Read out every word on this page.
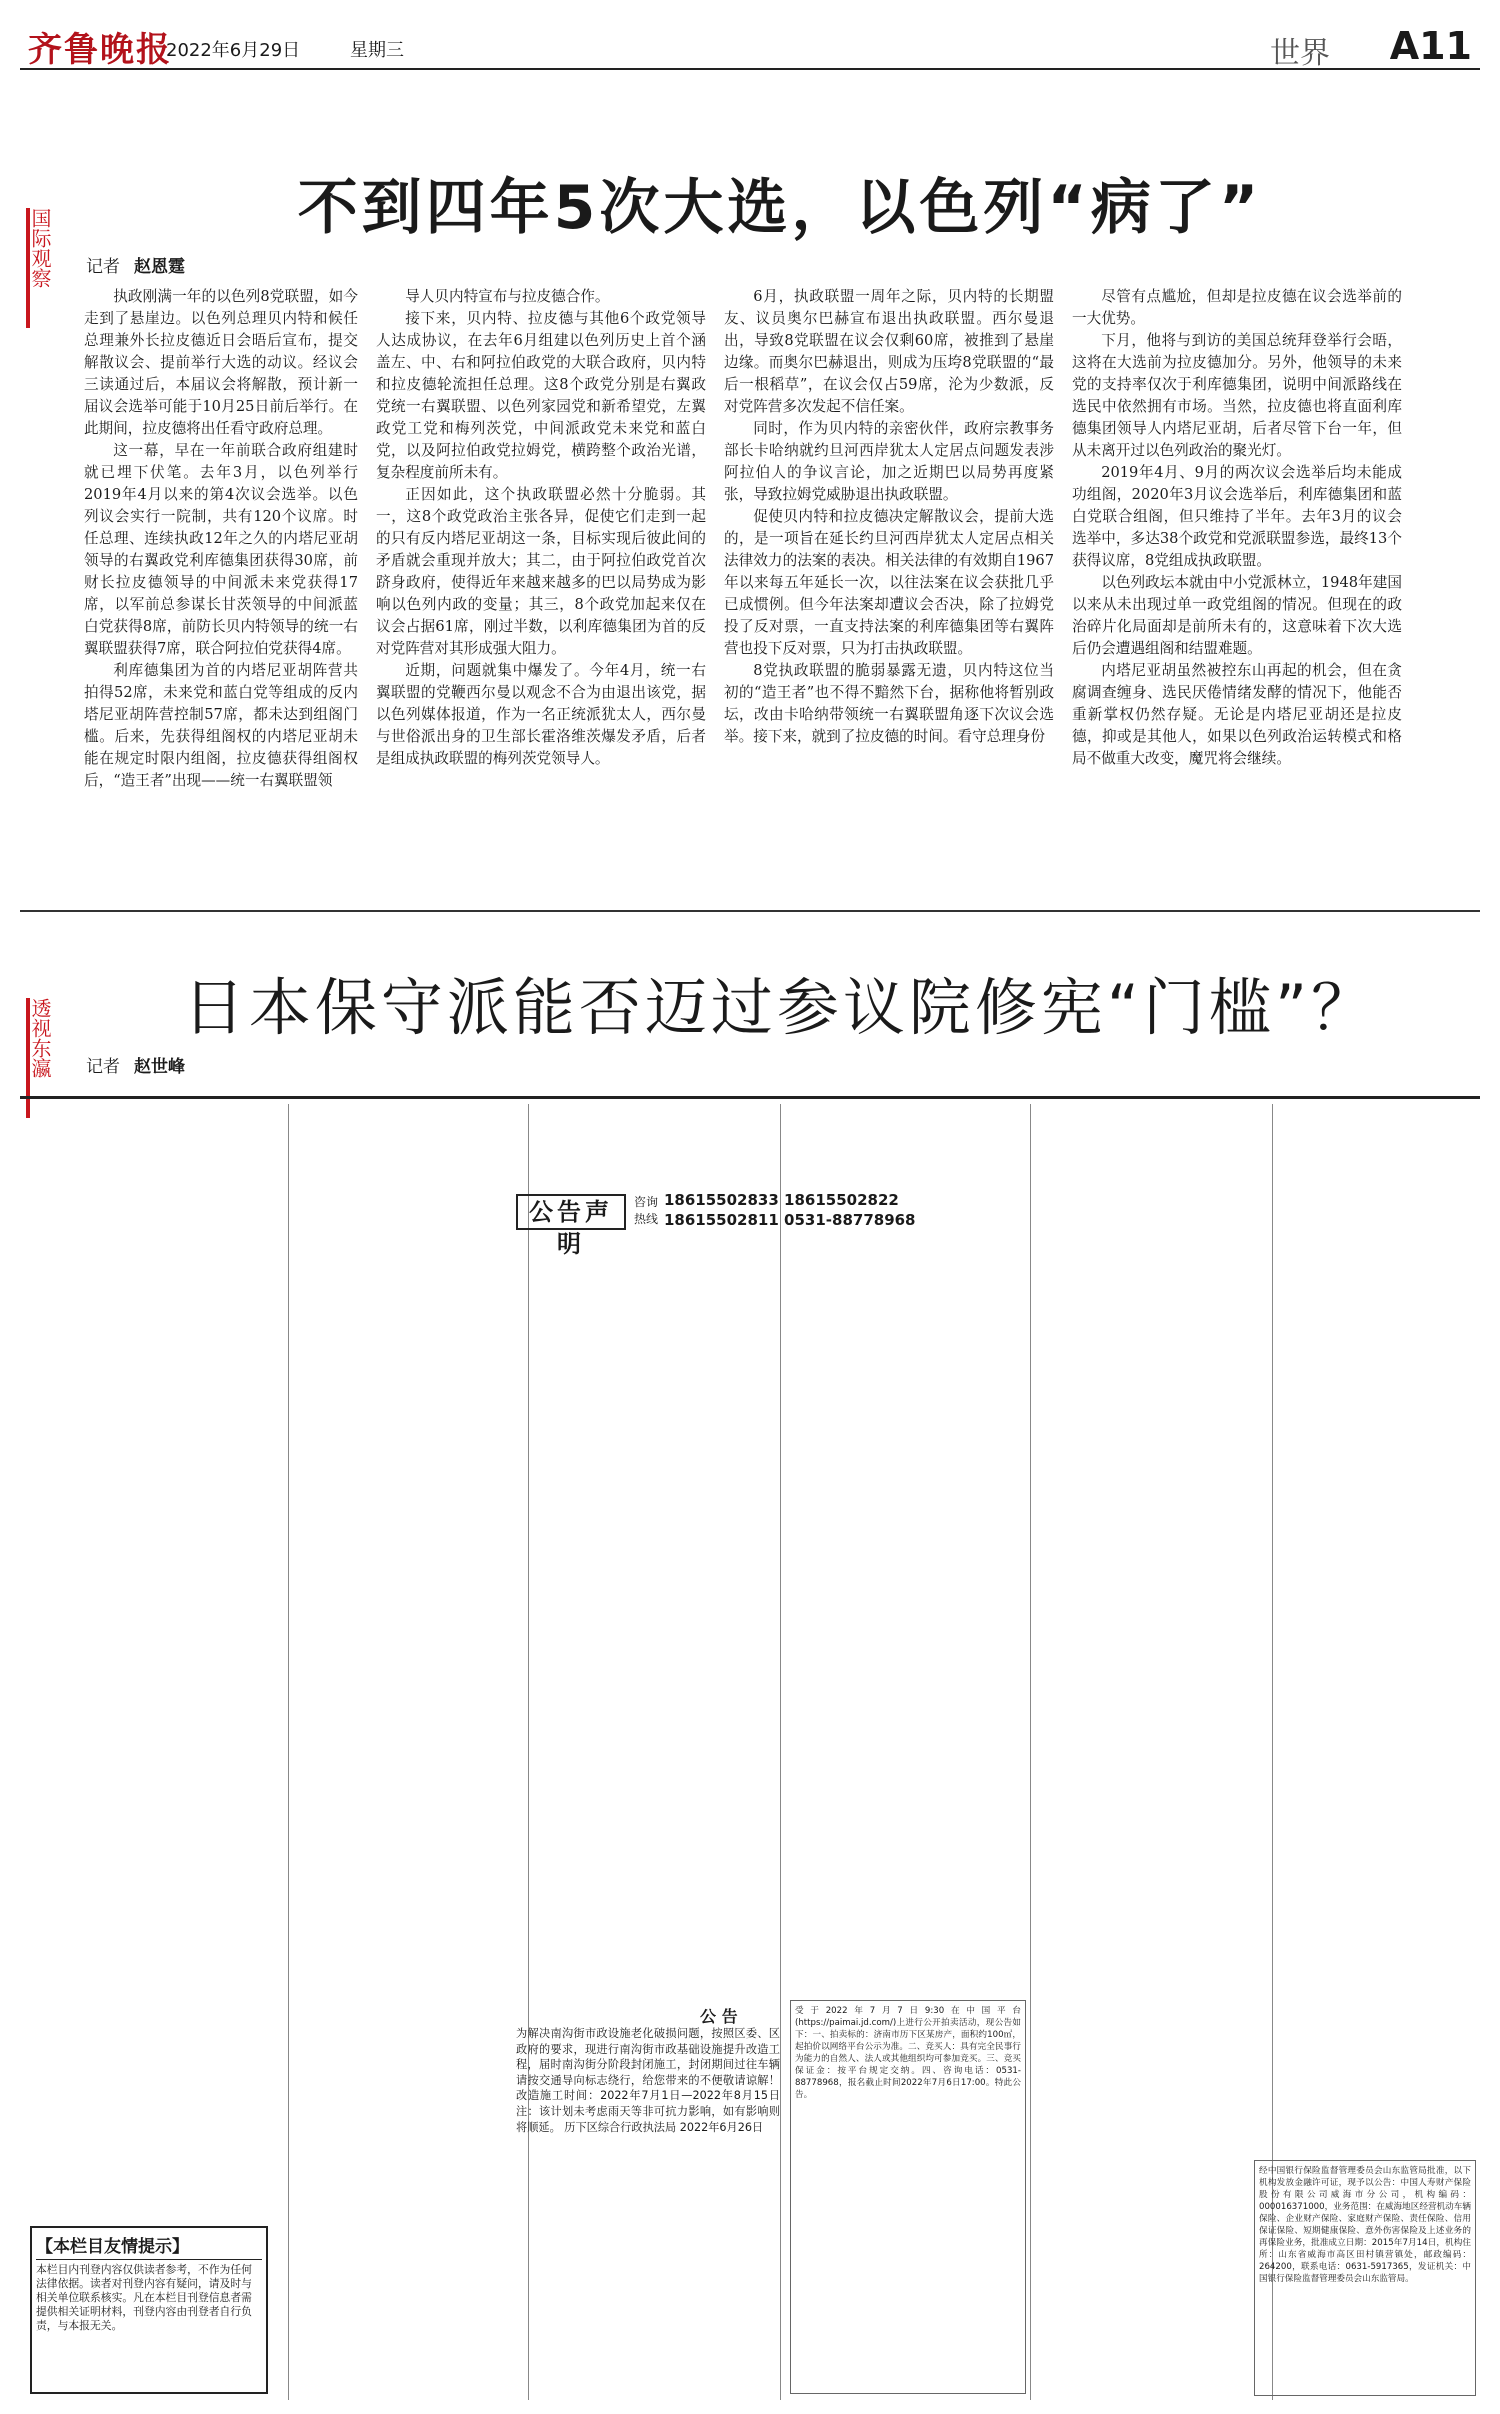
齐鲁晚报
2022年6月29日	星期三	世界 A11
国际观察	不到四年5次大选，以色列“病了”
记者 赵恩霆

执政刚满一年的以色列8党联盟，如今走到了悬崖边。以色列总理贝内特和候任总理兼外长拉皮德近日会晤后宣布，提交解散议会、提前举行大选的动议。经议会三读通过后，本届议会将解散，预计新一届议会选举可能于10月25日前后举行。在此期间，拉皮德将出任看守政府总理。

这一幕，早在一年前联合政府组建时就已埋下伏笔。去年3月，以色列举行2019年4月以来的第4次议会选举。以色列议会实行一院制，共有120个议席。时任总理、连续执政12年之久的内塔尼亚胡领导的右翼政党利库德集团获得30席，前财长拉皮德领导的中间派未来党获得17席，以军前总参谋长甘茨领导的中间派蓝白党获得8席，前防长贝内特领导的统一右翼联盟获得7席，联合阿拉伯党获得4席。

利库德集团为首的内塔尼亚胡阵营共拍得52席，未来党和蓝白党等组成的反内塔尼亚胡阵营控制57席，都未达到组阁门槛。后来，先获得组阁权的内塔尼亚胡未能在规定时限内组阁，拉皮德获得组阁权后，“造王者”出现——统一右翼联盟领

导人贝内特宣布与拉皮德合作。

接下来，贝内特、拉皮德与其他6个政党领导人达成协议，在去年6月组建以色列历史上首个涵盖左、中、右和阿拉伯政党的大联合政府，贝内特和拉皮德轮流担任总理。这8个政党分别是右翼政党统一右翼联盟、以色列家园党和新希望党，左翼政党工党和梅列茨党，中间派政党未来党和蓝白党，以及阿拉伯政党拉姆党，横跨整个政治光谱，复杂程度前所未有。

正因如此，这个执政联盟必然十分脆弱。其一，这8个政党政治主张各异，促使它们走到一起的只有反内塔尼亚胡这一条，目标实现后彼此间的矛盾就会重现并放大；其二，由于阿拉伯政党首次跻身政府，使得近年来越来越多的巴以局势成为影响以色列内政的变量；其三，8个政党加起来仅在议会占据61席，刚过半数，以利库德集团为首的反对党阵营对其形成强大阻力。

近期，问题就集中爆发了。今年4月，统一右翼联盟的党鞭西尔曼以观念不合为由退出该党，据以色列媒体报道，作为一名正统派犹太人，西尔曼与世俗派出身的卫生部长霍洛维茨爆发矛盾，后者是组成执政联盟的梅列茨党领导人。

6月，执政联盟一周年之际，贝内特的长期盟友、议员奥尔巴赫宣布退出执政联盟。西尔曼退出，导致8党联盟在议会仅剩60席，被推到了悬崖边缘。而奥尔巴赫退出，则成为压垮8党联盟的“最后一根稻草”，在议会仅占59席，沦为少数派，反对党阵营多次发起不信任案。

同时，作为贝内特的亲密伙伴，政府宗教事务部长卡哈纳就约旦河西岸犹太人定居点问题发表涉阿拉伯人的争议言论，加之近期巴以局势再度紧张，导致拉姆党威胁退出执政联盟。

促使贝内特和拉皮德决定解散议会，提前大选的，是一项旨在延长约旦河西岸犹太人定居点相关法律效力的法案的表决。相关法律的有效期自1967年以来每五年延长一次，以往法案在议会获批几乎已成惯例。但今年法案却遭议会否决，除了拉姆党投了反对票，一直支持法案的利库德集团等右翼阵营也投下反对票，只为打击执政联盟。

8党执政联盟的脆弱暴露无遗，贝内特这位当初的“造王者”也不得不黯然下台，据称他将暂别政坛，改由卡哈纳带领统一右翼联盟角逐下次议会选举。接下来，就到了拉皮德的时间。看守总理身份

尽管有点尴尬，但却是拉皮德在议会选举前的一大优势。

下月，他将与到访的美国总统拜登举行会晤，这将在大选前为拉皮德加分。另外，他领导的未来党的支持率仅次于利库德集团，说明中间派路线在选民中依然拥有市场。当然，拉皮德也将直面利库德集团领导人内塔尼亚胡，后者尽管下台一年，但从未离开过以色列政治的聚光灯。

2019年4月、9月的两次议会选举后均未能成功组阁，2020年3月议会选举后，利库德集团和蓝白党联合组阁，但只维持了半年。去年3月的议会选举中，多达38个政党和党派联盟参选，最终13个获得议席，8党组成执政联盟。

以色列政坛本就由中小党派林立，1948年建国以来从未出现过单一政党组阁的情况。但现在的政治碎片化局面却是前所未有的，这意味着下次大选后仍会遭遇组阁和结盟难题。

内塔尼亚胡虽然被控东山再起的机会，但在贪腐调查缠身、选民厌倦情绪发酵的情况下，他能否重新掌权仍然存疑。无论是内塔尼亚胡还是拉皮德，抑或是其他人，如果以色列政治运转模式和格局不做重大改变，魔咒将会继续。

透视东瀛	日本保守派能否迈过参议院修宪“门槛”？
记者 赵世峰
公告声明
咨询热线
18615502833 18615502822
18615502811 0531-88778968
【本栏目友情提示】
本栏目内刊登内容仅供读者参考，不作为任何法律依据。读者对刊登内容有疑问，请及时与相关单位联系核实。凡在本栏目刊登信息者需提供相关证明材料，刊登内容由刊登者自行负责，与本报无关。
公 告
为解决南沟街市政设施老化破损问题，按照区委、区政府的要求，现进行南沟街市政基础设施提升改造工程，届时南沟街分阶段封闭施工，封闭期间过往车辆请按交通导向标志绕行，给您带来的不便敬请谅解！ 改造施工时间：2022年7月1日—2022年8月15日 注：该计划未考虑雨天等非可抗力影响，如有影响则将顺延。 历下区综合行政执法局 2022年6月26日
受于2022年7月7日9:30在中国平台(https://paimai.jd.com/)上进行公开拍卖活动，现公告如下：一、拍卖标的：济南市历下区某房产，面积约100㎡，起拍价以网络平台公示为准。二、竞买人：具有完全民事行为能力的自然人、法人或其他组织均可参加竞买。三、竞买保证金：按平台规定交纳。四、咨询电话：0531-88778968，报名截止时间2022年7月6日17:00。特此公告。
经中国银行保险监督管理委员会山东监管局批准，以下机构发放金融许可证，现予以公告：中国人寿财产保险股份有限公司威海市分公司，机构编码：000016371000，业务范围：在威海地区经营机动车辆保险、企业财产保险、家庭财产保险、责任保险、信用保证保险、短期健康保险、意外伤害保险及上述业务的再保险业务，批准成立日期：2015年7月14日，机构住所：山东省威海市高区田村镇营镇处，邮政编码：264200，联系电话：0631-5917365，发证机关：中国银行保险监督管理委员会山东监管局。
